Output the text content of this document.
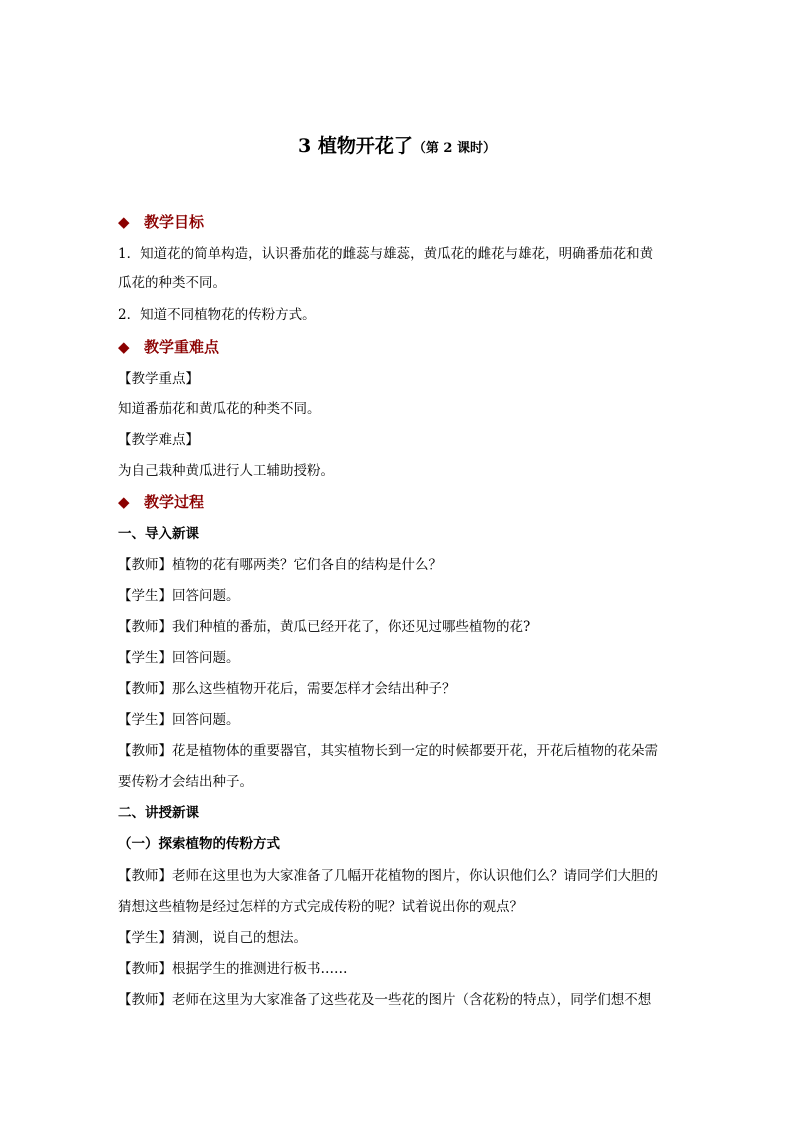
3 植物开花了（第 2 课时）
◆ 教学目标
1．知道花的简单构造，认识番茄花的雌蕊与雄蕊，黄瓜花的雌花与雄花，明确番茄花和黄
瓜花的种类不同。
2．知道不同植物花的传粉方式。
◆ 教学重难点
【教学重点】
知道番茄花和黄瓜花的种类不同。
【教学难点】
为自己栽种黄瓜进行人工辅助授粉。
◆ 教学过程
一、导入新课
【教师】植物的花有哪两类？它们各自的结构是什么？
【学生】回答问题。
【教师】我们种植的番茄，黄瓜已经开花了，你还见过哪些植物的花?
【学生】回答问题。
【教师】那么这些植物开花后，需要怎样才会结出种子？
【学生】回答问题。
【教师】花是植物体的重要器官，其实植物长到一定的时候都要开花，开花后植物的花朵需
要传粉才会结出种子。
二、讲授新课
（一）探索植物的传粉方式
【教师】老师在这里也为大家准备了几幅开花植物的图片，你认识他们么？请同学们大胆的
猜想这些植物是经过怎样的方式完成传粉的呢？试着说出你的观点？
【学生】猜测，说自己的想法。
【教师】根据学生的推测进行板书……
【教师】老师在这里为大家准备了这些花及一些花的图片（含花粉的特点），同学们想不想
